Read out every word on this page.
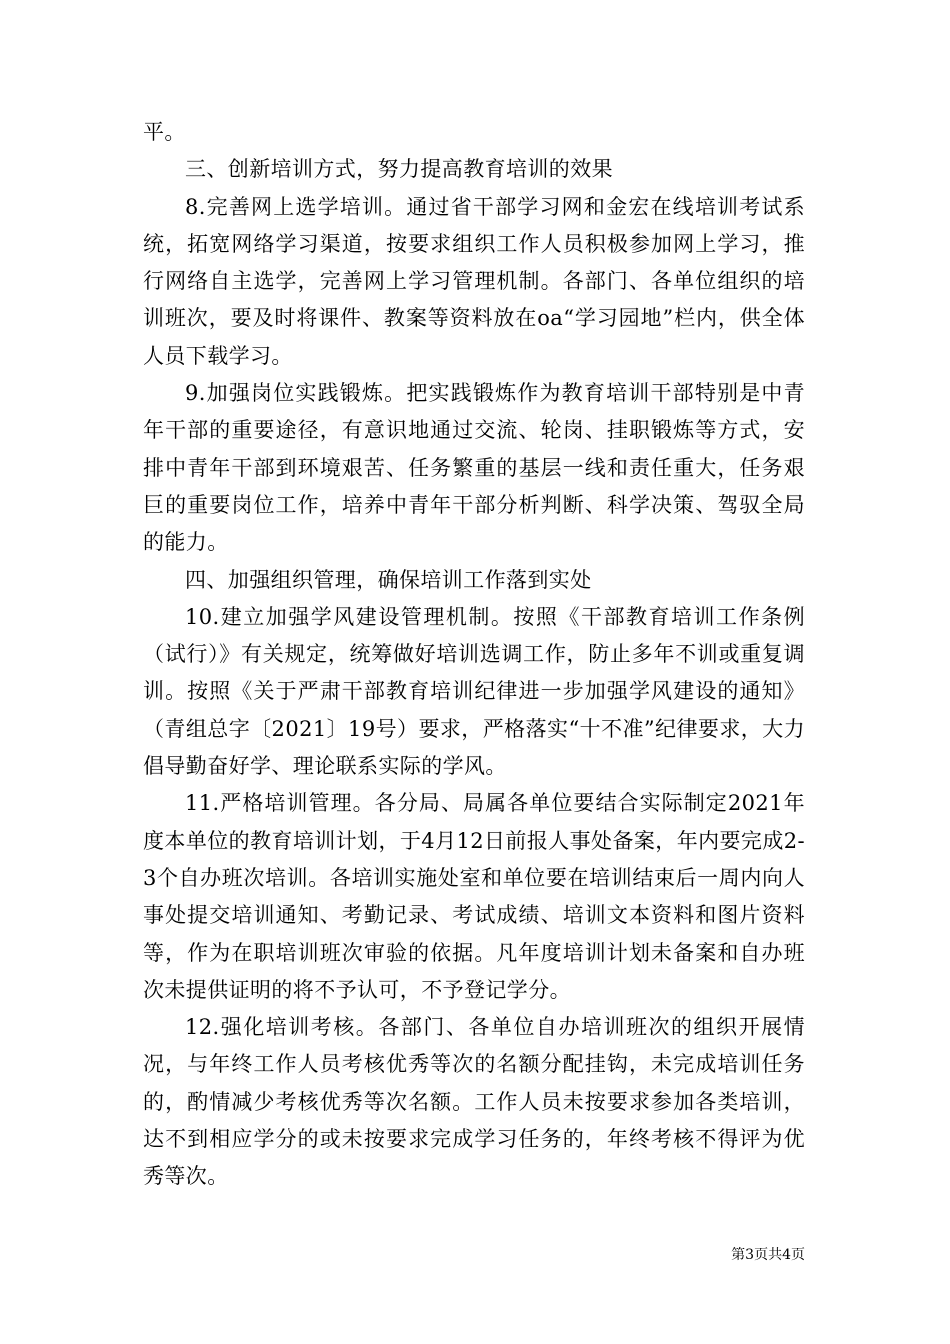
平。

三、创新培训方式，努力提高教育培训的效果

8.完善网上选学培训。通过省干部学习网和金宏在线培训考试系统，拓宽网络学习渠道，按要求组织工作人员积极参加网上学习，推行网络自主选学，完善网上学习管理机制。各部门、各单位组织的培训班次，要及时将课件、教案等资料放在oa“学习园地”栏内，供全体人员下载学习。

9.加强岗位实践锻炼。把实践锻炼作为教育培训干部特别是中青年干部的重要途径，有意识地通过交流、轮岗、挂职锻炼等方式，安排中青年干部到环境艰苦、任务繁重的基层一线和责任重大，任务艰巨的重要岗位工作，培养中青年干部分析判断、科学决策、驾驭全局的能力。

四、加强组织管理，确保培训工作落到实处

10.建立加强学风建设管理机制。按照《干部教育培训工作条例（试行）》有关规定，统筹做好培训选调工作，防止多年不训或重复调训。按照《关于严肃干部教育培训纪律进一步加强学风建设的通知》（青组总字〔2021〕19号）要求，严格落实“十不准”纪律要求，大力倡导勤奋好学、理论联系实际的学风。

11.严格培训管理。各分局、局属各单位要结合实际制定2021年度本单位的教育培训计划，于4月12日前报人事处备案，年内要完成2-3个自办班次培训。各培训实施处室和单位要在培训结束后一周内向人事处提交培训通知、考勤记录、考试成绩、培训文本资料和图片资料等，作为在职培训班次审验的依据。凡年度培训计划未备案和自办班次未提供证明的将不予认可，不予登记学分。

12.强化培训考核。各部门、各单位自办培训班次的组织开展情况，与年终工作人员考核优秀等次的名额分配挂钩，未完成培训任务的，酌情减少考核优秀等次名额。工作人员未按要求参加各类培训，达不到相应学分的或未按要求完成学习任务的，年终考核不得评为优秀等次。

第3页共4页
